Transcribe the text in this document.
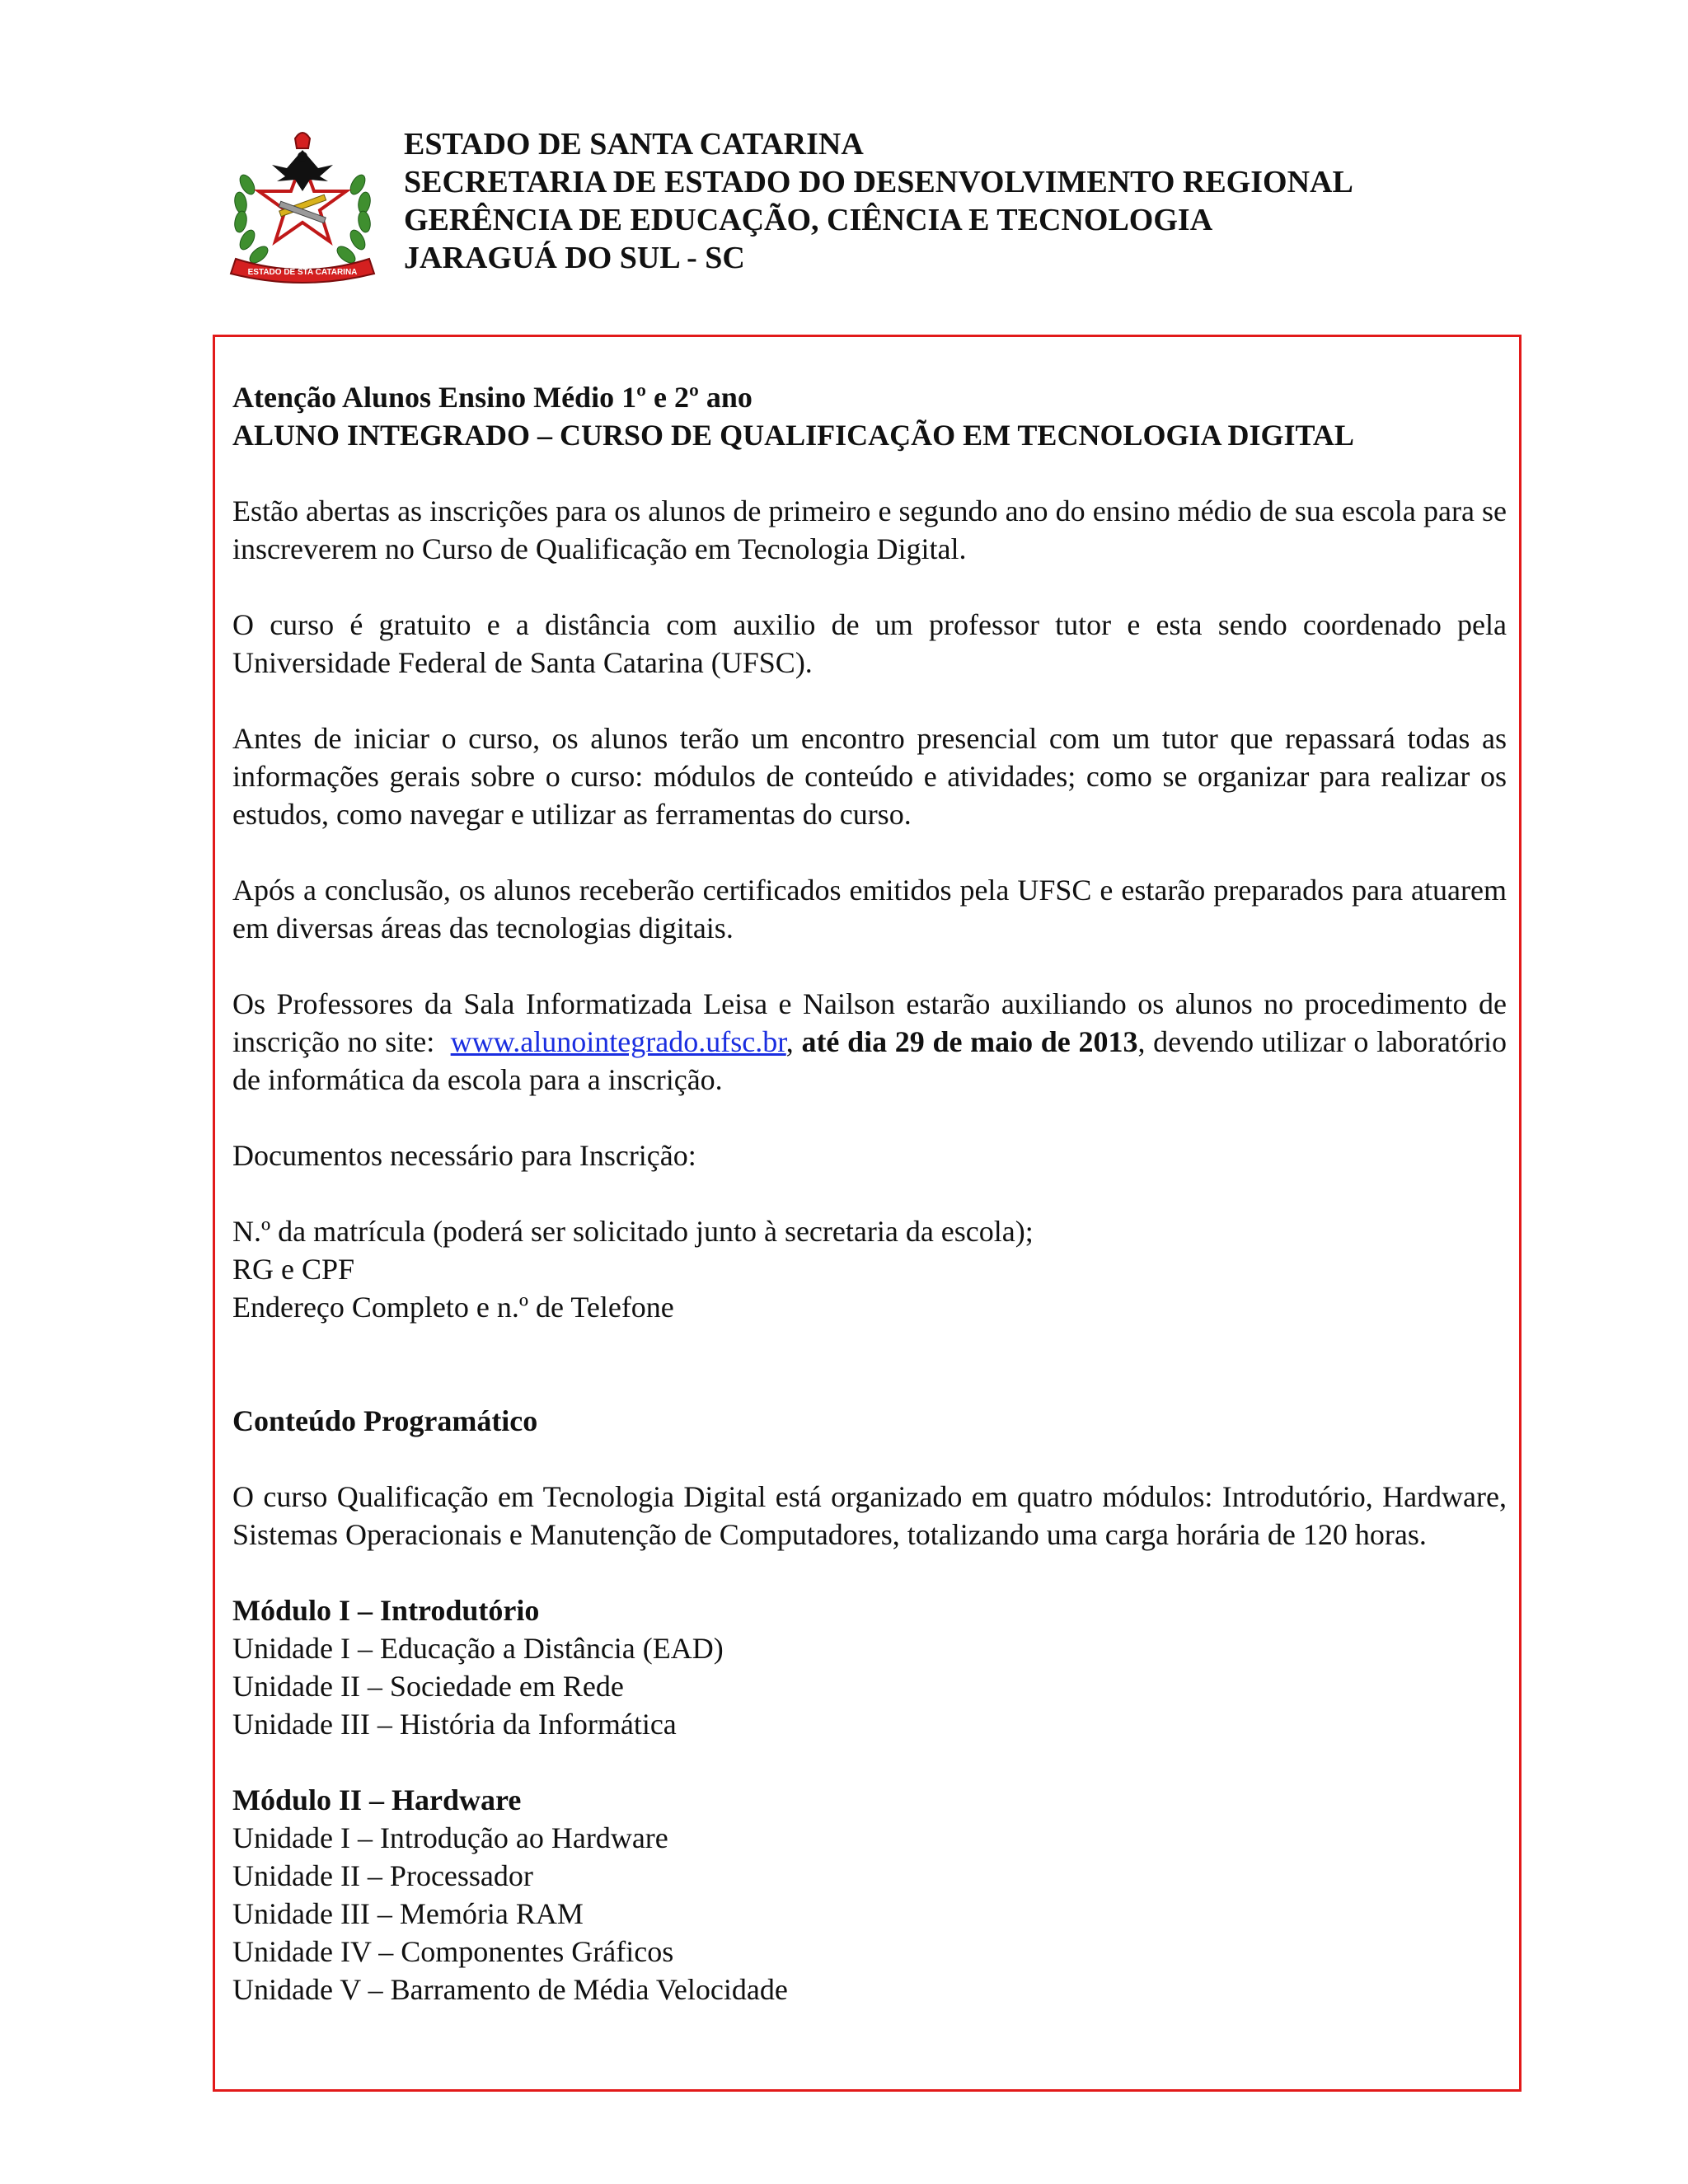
ESTADO DE STA CATARINA
ESTADO DE SANTA CATARINA
SECRETARIA DE ESTADO DO DESENVOLVIMENTO REGIONAL
GERÊNCIA DE EDUCAÇÃO, CIÊNCIA E TECNOLOGIA
JARAGUÁ DO SUL - SC

Atenção Alunos Ensino Médio 1º e 2º ano

ALUNO INTEGRADO – CURSO DE QUALIFICAÇÃO EM TECNOLOGIA DIGITAL

Estão abertas as inscrições para os alunos de primeiro e segundo ano do ensino médio de sua escola para se inscreverem no Curso de Qualificação em Tecnologia Digital.

O curso é gratuito e a distância com auxilio de um professor tutor e esta sendo coordenado pela Universidade Federal de Santa Catarina (UFSC).

Antes de iniciar o curso, os alunos terão um encontro presencial com um tutor que repassará todas as informações gerais sobre o curso: módulos de conteúdo e atividades; como se organizar para realizar os estudos, como navegar e utilizar as ferramentas do curso.

Após a conclusão, os alunos receberão certificados emitidos pela UFSC e estarão preparados para atuarem em diversas áreas das tecnologias digitais.

Os Professores da Sala Informatizada Leisa e Nailson estarão auxiliando os alunos no procedimento de inscrição no site: www.alunointegrado.ufsc.br, até dia 29 de maio de 2013, devendo utilizar o laboratório de informática da escola para a inscrição.

Documentos necessário para Inscrição:

N.º da matrícula (poderá ser solicitado junto à secretaria da escola);

RG e CPF

Endereço Completo e n.º de Telefone

Conteúdo Programático

O curso Qualificação em Tecnologia Digital está organizado em quatro módulos: Introdutório, Hardware, Sistemas Operacionais e Manutenção de Computadores, totalizando uma carga horária de 120 horas.

Módulo I – Introdutório

Unidade I – Educação a Distância (EAD)

Unidade II – Sociedade em Rede

Unidade III – História da Informática

Módulo II – Hardware

Unidade I – Introdução ao Hardware

Unidade II – Processador

Unidade III – Memória RAM

Unidade IV – Componentes Gráficos

Unidade V – Barramento de Média Velocidade
